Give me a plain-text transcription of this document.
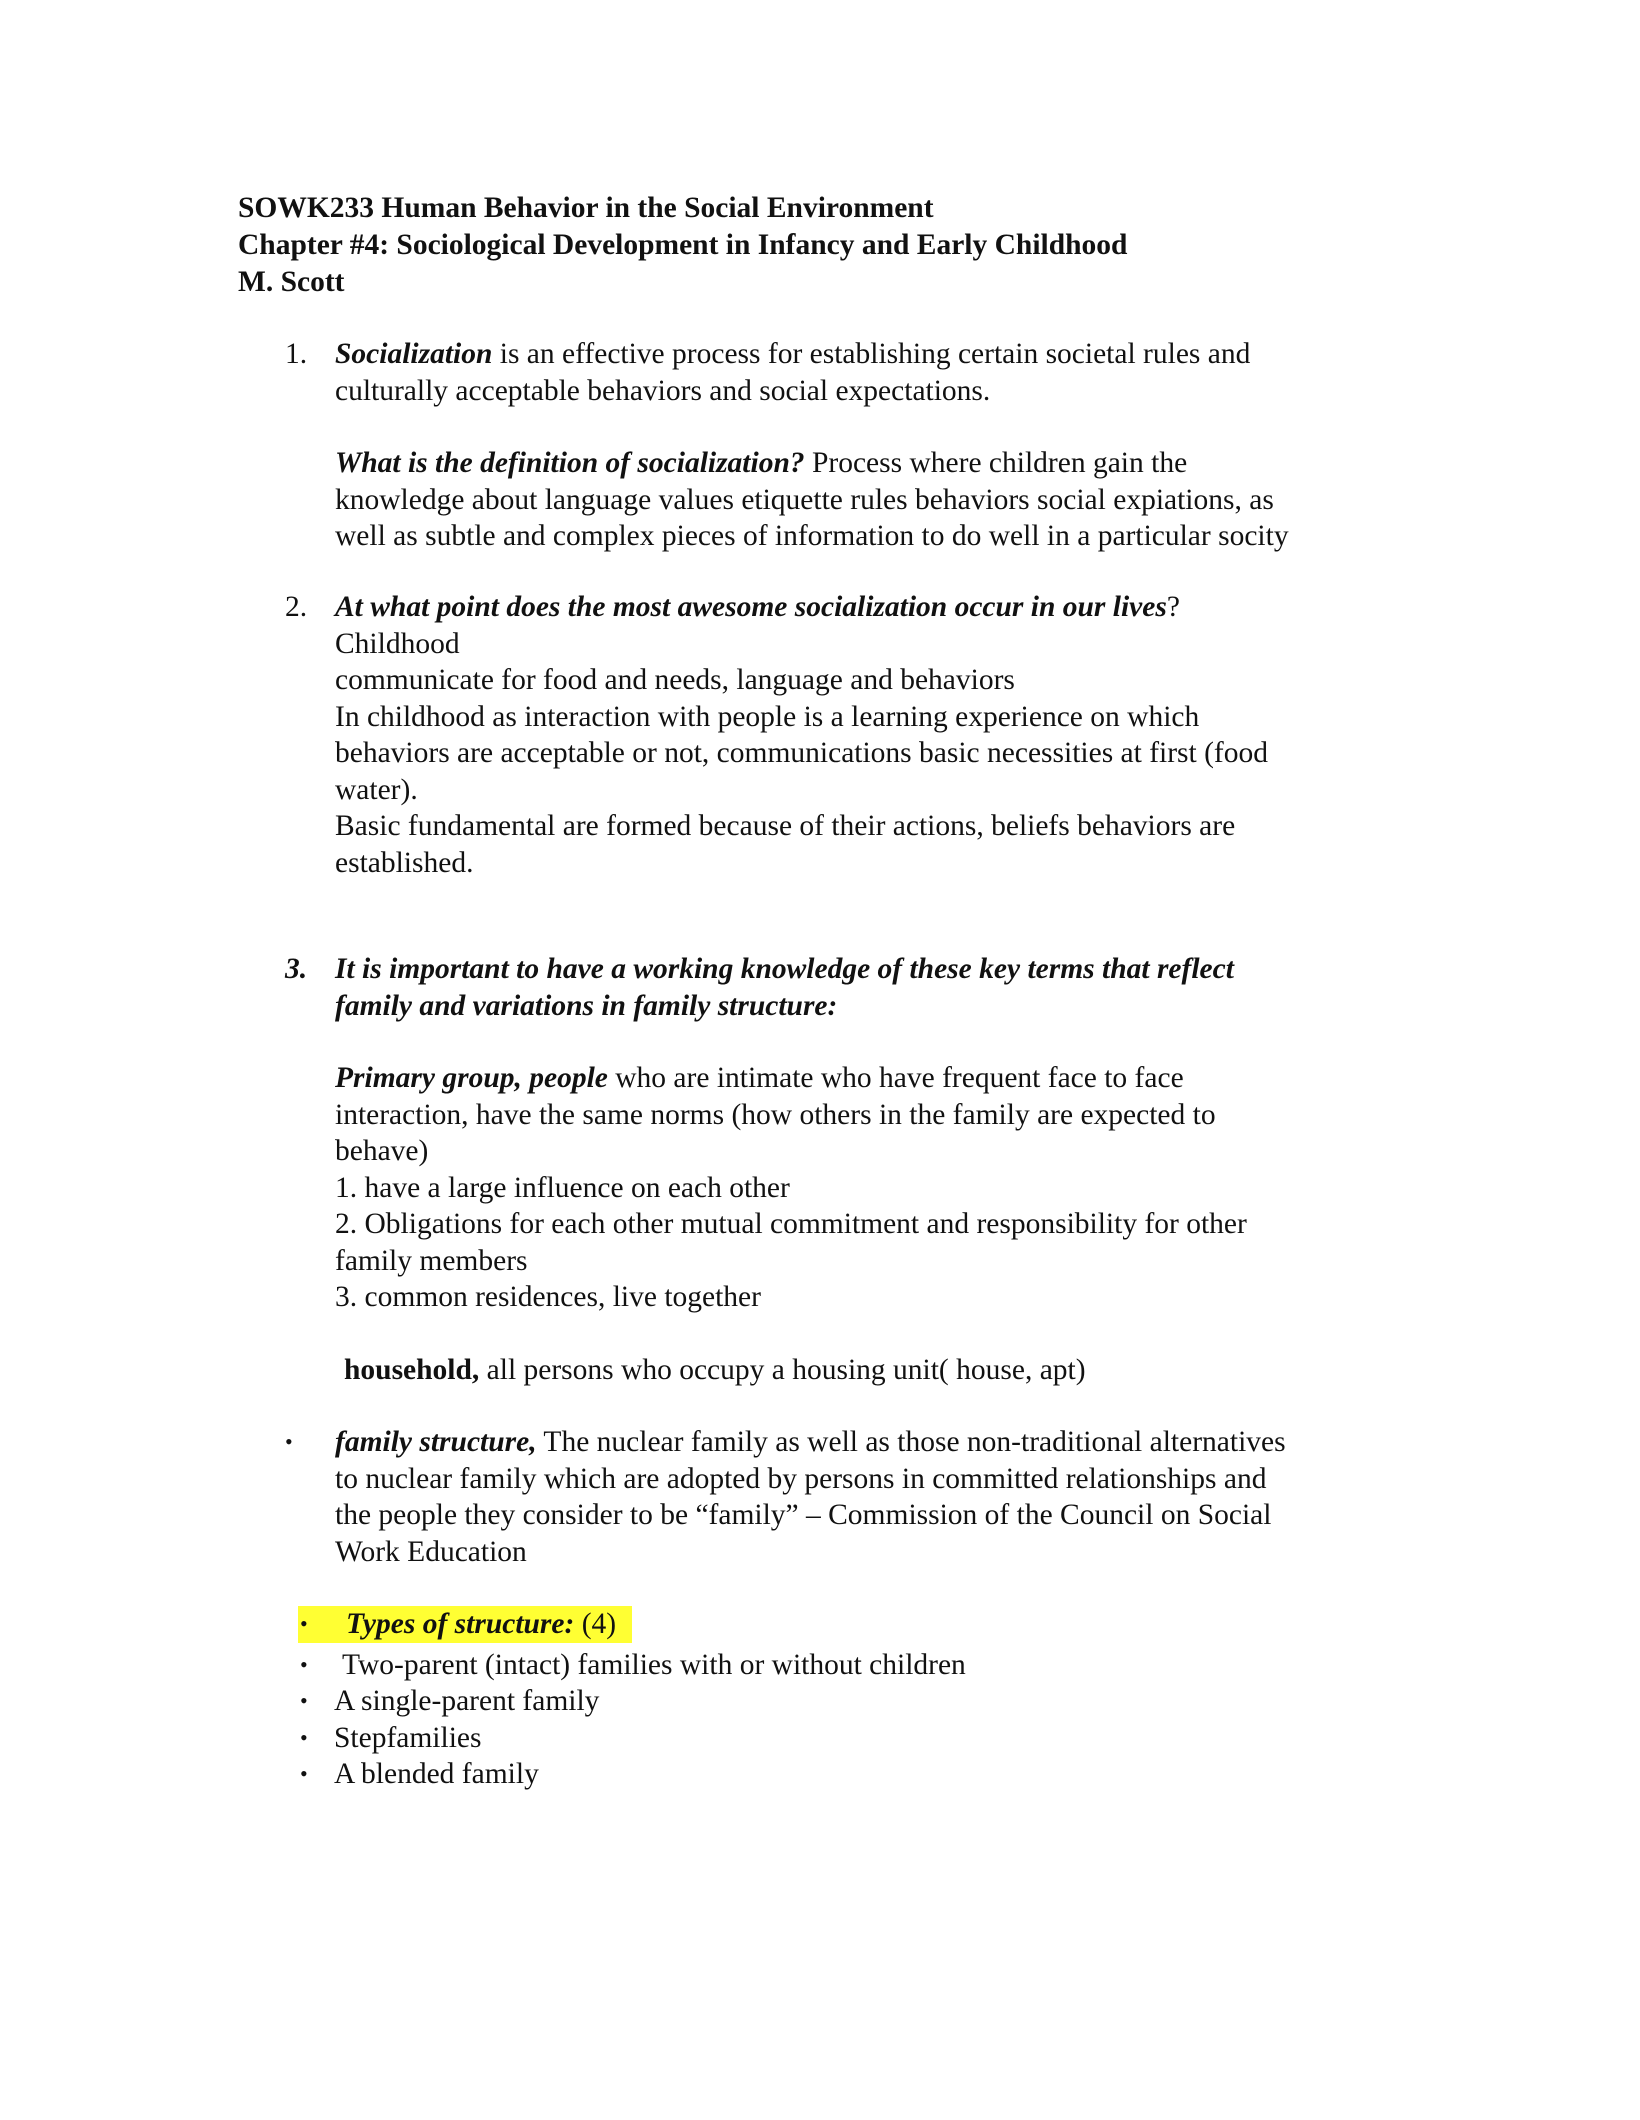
SOWK233 Human Behavior in the Social Environment
Chapter #4: Sociological Development in Infancy and Early Childhood
M. Scott
1. Socialization is an effective process for establishing certain societal rules and
culturally acceptable behaviors and social expectations.
What is the definition of socialization? Process where children gain the
knowledge about language values etiquette rules behaviors social expiations, as
well as subtle and complex pieces of information to do well in a particular socity
2. At what point does the most awesome socialization occur in our lives?
Childhood
communicate for food and needs, language and behaviors
In childhood as interaction with people is a learning experience on which
behaviors are acceptable or not, communications basic necessities at first (food
water).
Basic fundamental are formed because of their actions, beliefs behaviors are
established.
3. It is important to have a working knowledge of these key terms that reflect
family and variations in family structure:
Primary group, people who are intimate who have frequent face to face
interaction, have the same norms (how others in the family are expected to
behave)
1. have a large influence on each other
2. Obligations for each other mutual commitment and responsibility for other
family members
3. common residences, live together
household, all persons who occupy a housing unit( house, apt)
• family structure, The nuclear family as well as those non-traditional alternatives
to nuclear family which are adopted by persons in committed relationships and
the people they consider to be “family” – Commission of the Council on Social
Work Education
• Types of structure: (4)
• Two-parent (intact) families with or without children
• A single-parent family
• Stepfamilies
• A blended family
